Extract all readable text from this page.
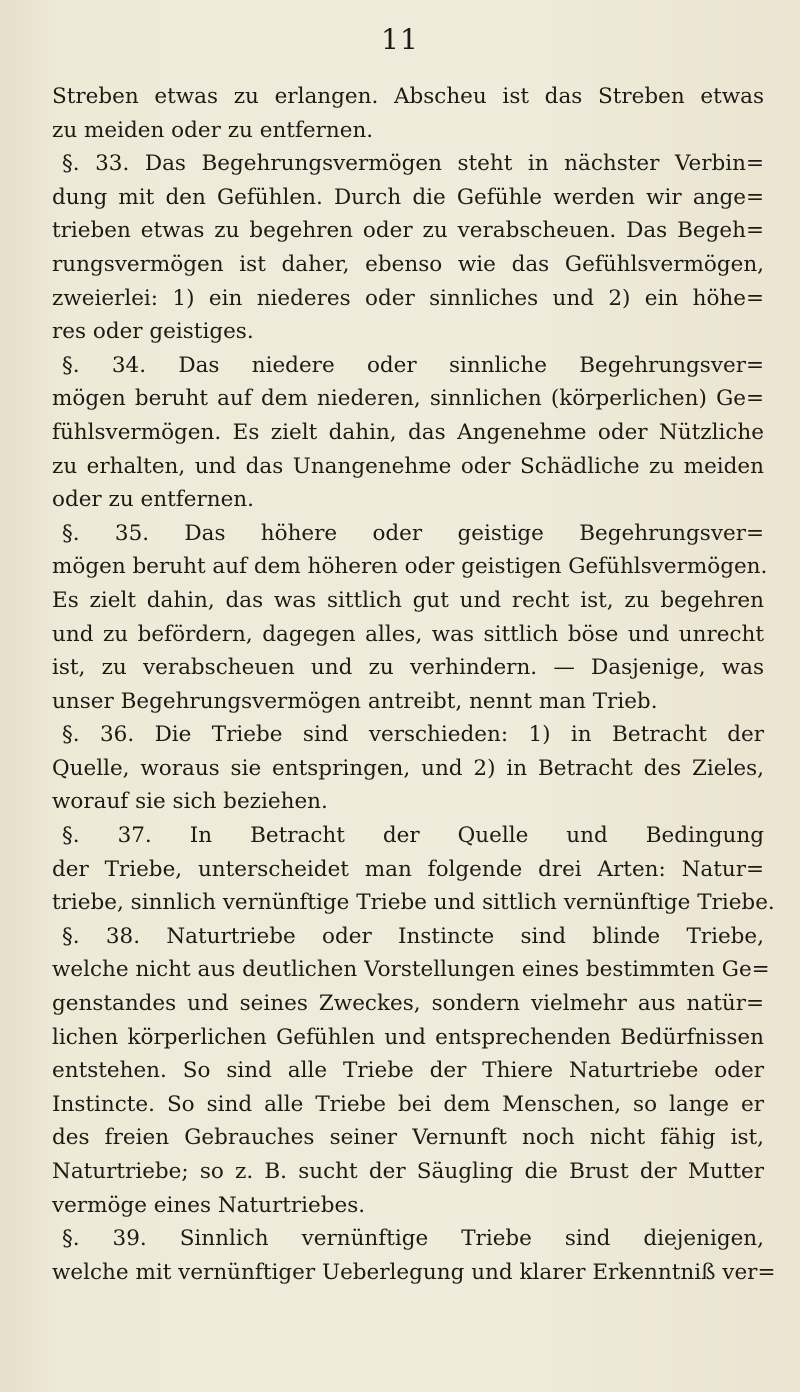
11
Streben etwas zu erlangen. Abscheu ist das Streben etwas
zu meiden oder zu entfernen.
§. 33. Das Begehrungsvermögen steht in nächster Verbin=
dung mit den Gefühlen. Durch die Gefühle werden wir ange=
trieben etwas zu begehren oder zu verabscheuen. Das Begeh=
rungsvermögen ist daher, ebenso wie das Gefühlsvermögen,
zweierlei: 1) ein niederes oder sinnliches und 2) ein höhe=
res oder geistiges.
§. 34. Das niedere oder sinnliche Begehrungsver=
mögen beruht auf dem niederen, sinnlichen (körperlichen) Ge=
fühlsvermögen. Es zielt dahin, das Angenehme oder Nützliche
zu erhalten, und das Unangenehme oder Schädliche zu meiden
oder zu entfernen.
§. 35. Das höhere oder geistige Begehrungsver=
mögen beruht auf dem höheren oder geistigen Gefühlsvermögen.
Es zielt dahin, das was sittlich gut und recht ist, zu begehren
und zu befördern, dagegen alles, was sittlich böse und unrecht
ist, zu verabscheuen und zu verhindern. — Dasjenige, was
unser Begehrungsvermögen antreibt, nennt man Trieb.
§. 36. Die Triebe sind verschieden: 1) in Betracht der
Quelle, woraus sie entspringen, und 2) in Betracht des Zieles,
worauf sie sich beziehen.
§. 37. In Betracht der Quelle und Bedingung
der Triebe, unterscheidet man folgende drei Arten: Natur=
triebe, sinnlich vernünftige Triebe und sittlich vernünftige Triebe.
§. 38. Naturtriebe oder Instincte sind blinde Triebe,
welche nicht aus deutlichen Vorstellungen eines bestimmten Ge=
genstandes und seines Zweckes, sondern vielmehr aus natür=
lichen körperlichen Gefühlen und entsprechenden Bedürfnissen
entstehen. So sind alle Triebe der Thiere Naturtriebe oder
Instincte. So sind alle Triebe bei dem Menschen, so lange er
des freien Gebrauches seiner Vernunft noch nicht fähig ist,
Naturtriebe; so z. B. sucht der Säugling die Brust der Mutter
vermöge eines Naturtriebes.
§. 39. Sinnlich vernünftige Triebe sind diejenigen,
welche mit vernünftiger Ueberlegung und klarer Erkenntniß ver=
